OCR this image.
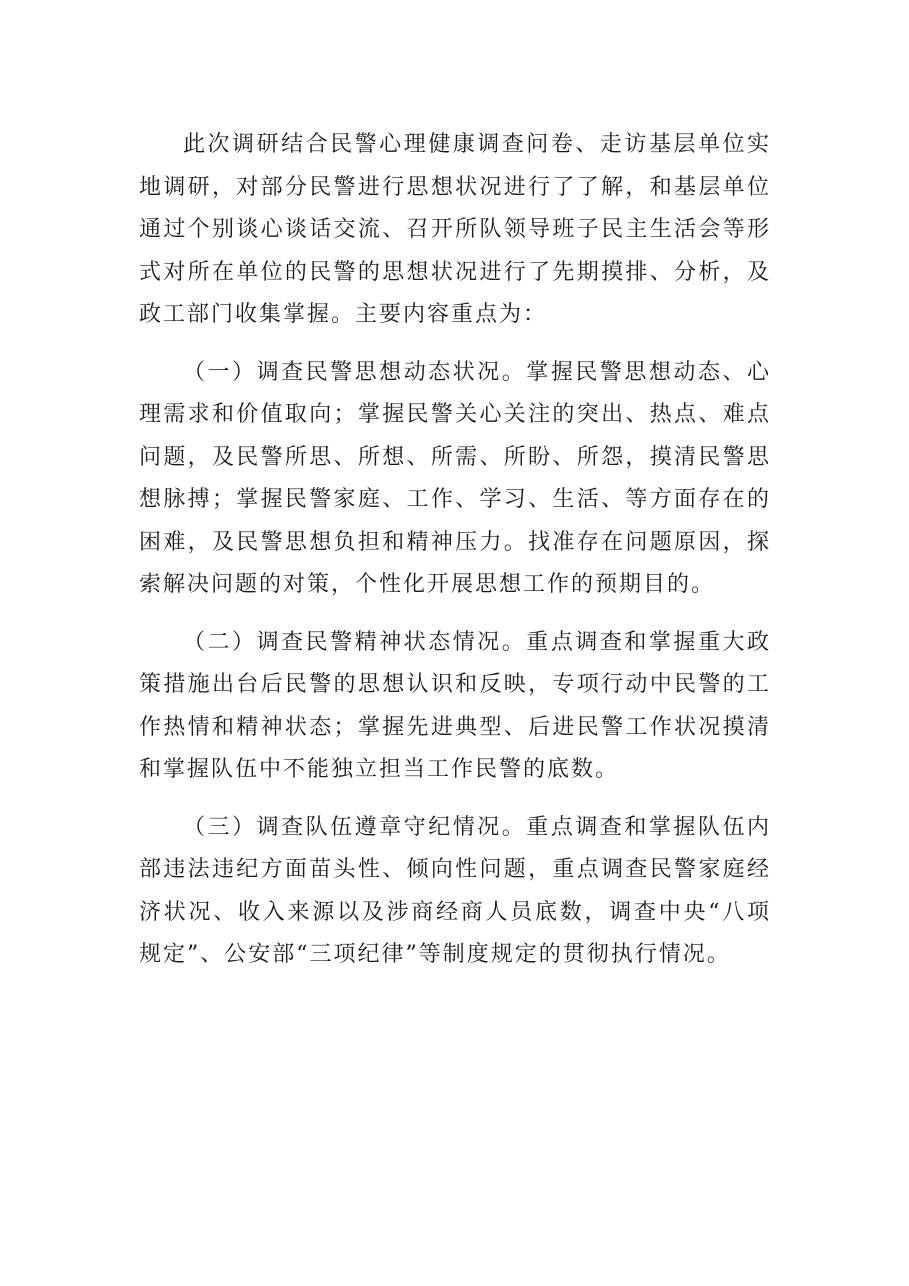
此次调研结合民警心理健康调查问卷、走访基层单位实地调研，对部分民警进行思想状况进行了了解，和基层单位通过个别谈心谈话交流、召开所队领导班子民主生活会等形式对所在单位的民警的思想状况进行了先期摸排、分析，及政工部门收集掌握。主要内容重点为：

（一）调查民警思想动态状况。掌握民警思想动态、心理需求和价值取向；掌握民警关心关注的突出、热点、难点问题，及民警所思、所想、所需、所盼、所怨，摸清民警思想脉搏；掌握民警家庭、工作、学习、生活、等方面存在的困难，及民警思想负担和精神压力。找准存在问题原因，探索解决问题的对策，个性化开展思想工作的预期目的。

（二）调查民警精神状态情况。重点调查和掌握重大政策措施出台后民警的思想认识和反映，专项行动中民警的工作热情和精神状态；掌握先进典型、后进民警工作状况摸清和掌握队伍中不能独立担当工作民警的底数。

（三）调查队伍遵章守纪情况。重点调查和掌握队伍内部违法违纪方面苗头性、倾向性问题，重点调查民警家庭经济状况、收入来源以及涉商经商人员底数，调查中央“八项规定”、公安部“三项纪律”等制度规定的贯彻执行情况。
